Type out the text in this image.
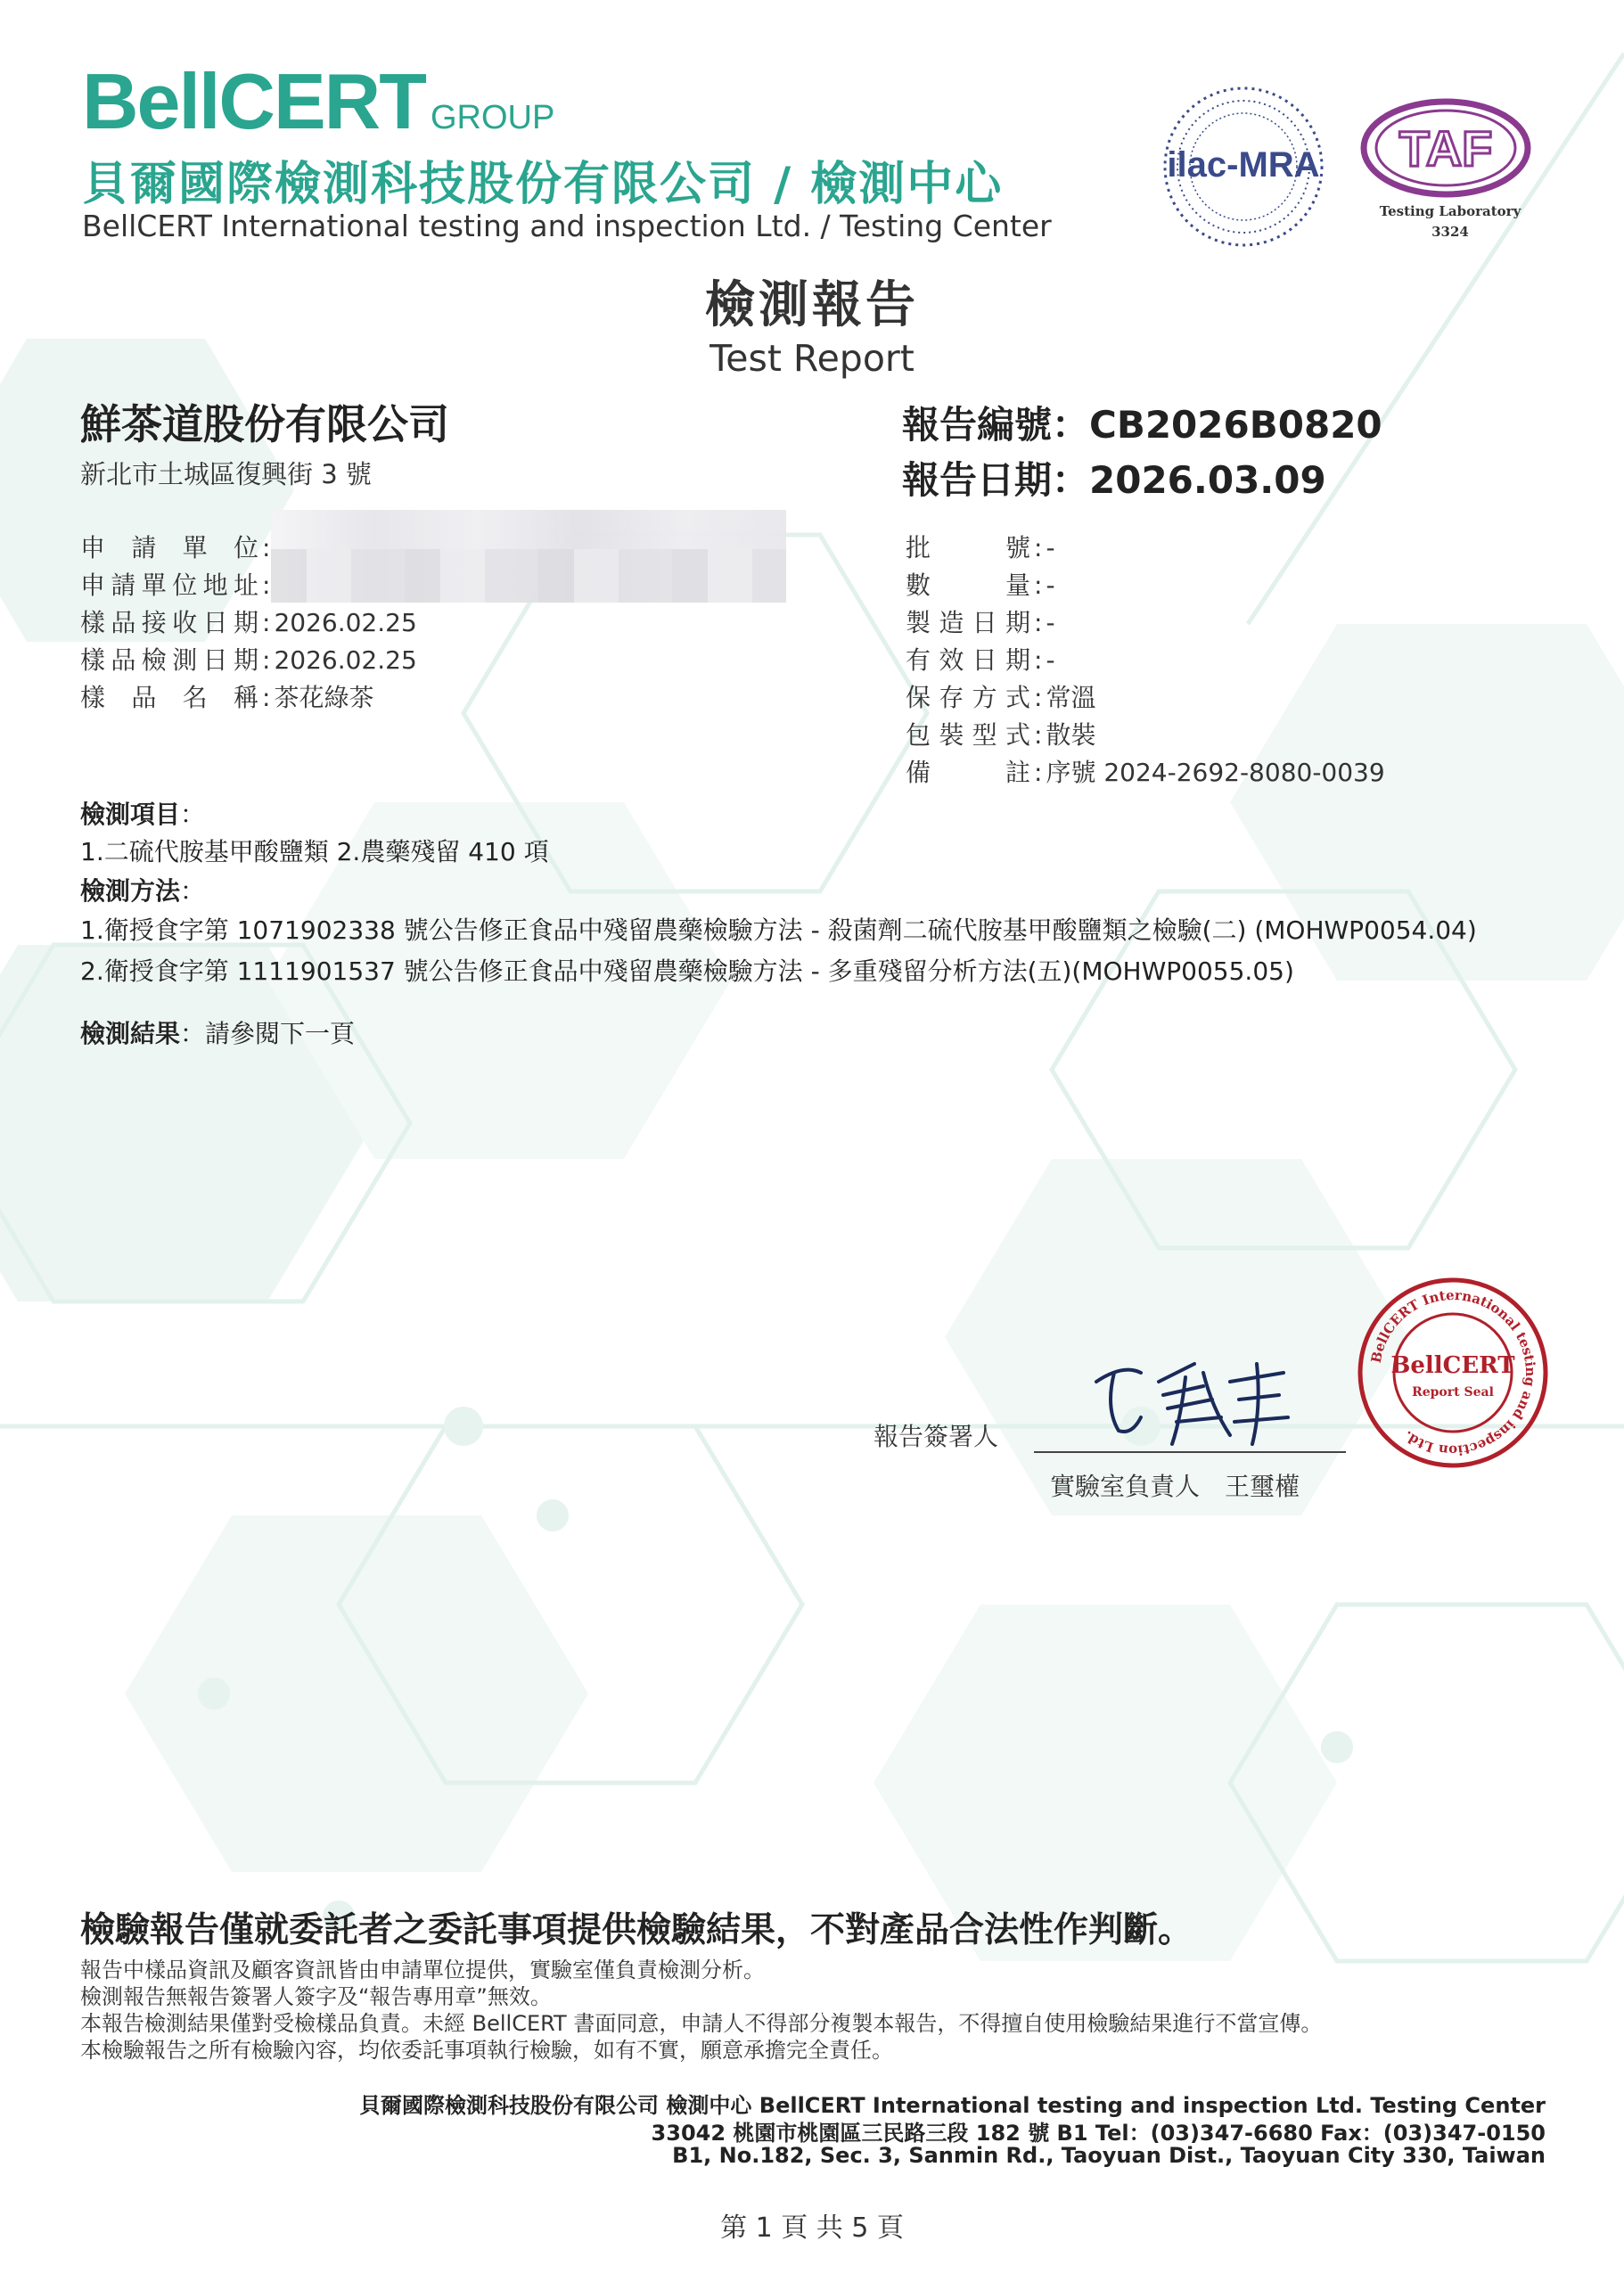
BellCERT GROUP
貝爾國際檢測科技股份有限公司 / 檢測中心
BellCERT International testing and inspection Ltd. / Testing Center
ilac-MRA TAF
Testing Laboratory
3324
檢測報告
Test Report
鮮茶道股份有限公司
新北市土城區復興街 3 號
報告編號：CB2026B0820
報告日期：2026.03.09
申請單位 :
申請單位地址 :
樣品接收日期 : 2026.02.25
樣品檢測日期 : 2026.02.25
樣品名稱 : 茶花綠茶
批號 : -
數量 : -
製造日期 : -
有效日期 : -
保存方式 : 常溫
包裝型式 : 散裝
備註 : 序號 2024-2692-8080-0039
檢測項目：
1.二硫代胺基甲酸鹽類 2.農藥殘留 410 項
檢測方法：
1.衛授食字第 1071902338 號公告修正食品中殘留農藥檢驗方法 - 殺菌劑二硫代胺基甲酸鹽類之檢驗(二) (MOHWP0054.04)
2.衛授食字第 1111901537 號公告修正食品中殘留農藥檢驗方法 - 多重殘留分析方法(五)(MOHWP0055.05)
檢測結果：請參閱下一頁
報告簽署人
實驗室負責人　王璽權
BellCERT International testing and inspection Ltd.
BellCERT
Report Seal
檢驗報告僅就委託者之委託事項提供檢驗結果，不對產品合法性作判斷。
報告中樣品資訊及顧客資訊皆由申請單位提供，實驗室僅負責檢測分析。
檢測報告無報告簽署人簽字及“報告專用章”無效。
本報告檢測結果僅對受檢樣品負責。未經 BellCERT 書面同意，申請人不得部分複製本報告，不得擅自使用檢驗結果進行不當宣傳。
本檢驗報告之所有檢驗內容，均依委託事項執行檢驗，如有不實，願意承擔完全責任。
貝爾國際檢測科技股份有限公司 檢測中心 BellCERT International testing and inspection Ltd. Testing Center
33042 桃園市桃園區三民路三段 182 號 B1 Tel：(03)347-6680 Fax：(03)347-0150
B1, No.182, Sec. 3, Sanmin Rd., Taoyuan Dist., Taoyuan City 330, Taiwan
第 1 頁 共 5 頁
